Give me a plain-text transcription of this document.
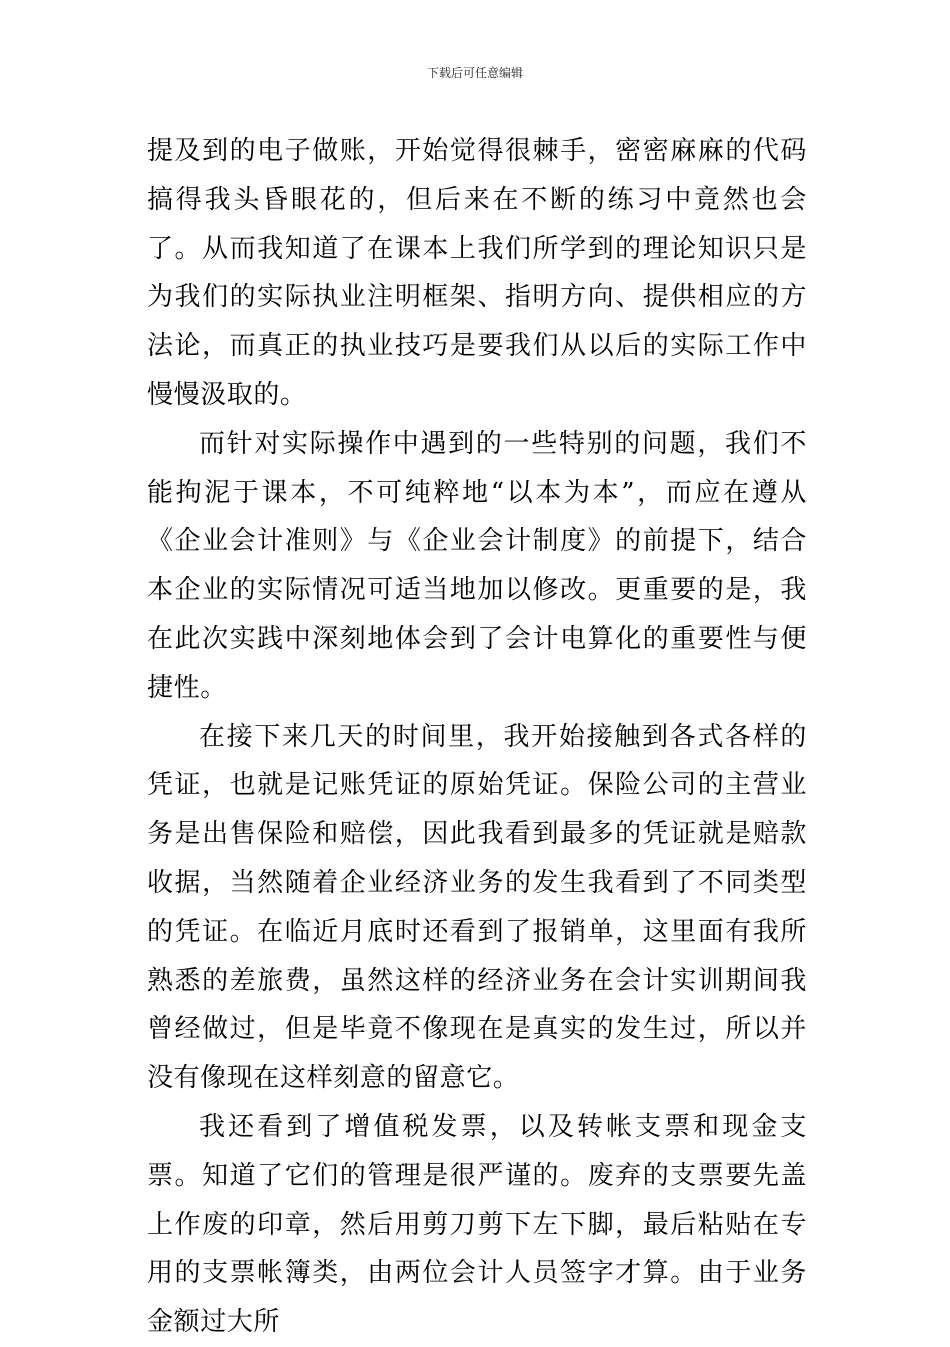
下载后可任意编辑

提及到的电子做账，开始觉得很棘手，密密麻麻的代码搞得我头昏眼花的，但后来在不断的练习中竟然也会了。从而我知道了在课本上我们所学到的理论知识只是为我们的实际执业注明框架、指明方向、提供相应的方法论，而真正的执业技巧是要我们从以后的实际工作中慢慢汲取的。

而针对实际操作中遇到的一些特别的问题，我们不能拘泥于课本，不可纯粹地“以本为本”，而应在遵从《企业会计准则》与《企业会计制度》的前提下，结合本企业的实际情况可适当地加以修改。更重要的是，我在此次实践中深刻地体会到了会计电算化的重要性与便捷性。

在接下来几天的时间里，我开始接触到各式各样的凭证，也就是记账凭证的原始凭证。保险公司的主营业务是出售保险和赔偿，因此我看到最多的凭证就是赔款收据，当然随着企业经济业务的发生我看到了不同类型的凭证。在临近月底时还看到了报销单，这里面有我所熟悉的差旅费，虽然这样的经济业务在会计实训期间我曾经做过，但是毕竟不像现在是真实的发生过，所以并没有像现在这样刻意的留意它。

我还看到了增值税发票，以及转帐支票和现金支票。知道了它们的管理是很严谨的。废弃的支票要先盖上作废的印章，然后用剪刀剪下左下脚，最后粘贴在专用的支票帐簿类，由两位会计人员签字才算。由于业务金额过大所
